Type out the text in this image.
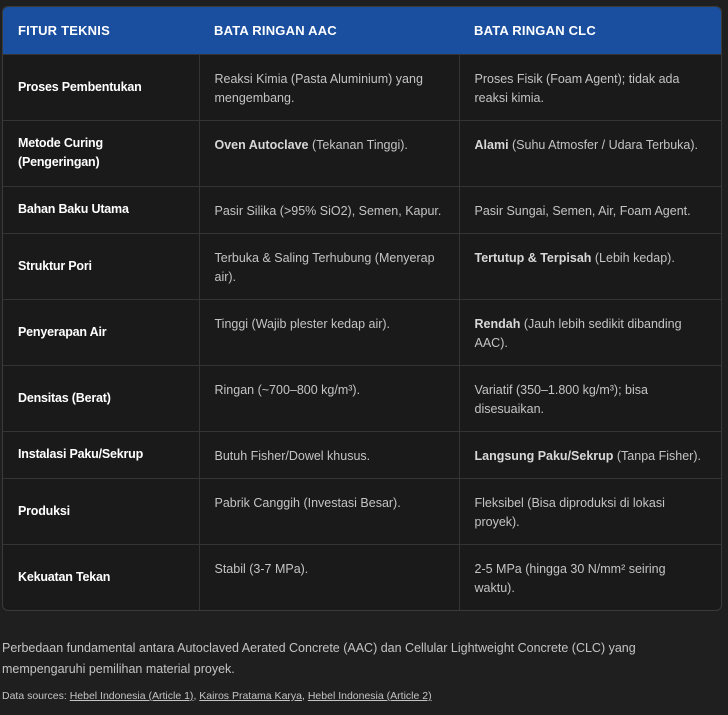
FITUR TEKNIS	BATA RINGAN AAC	BATA RINGAN CLC
Proses Pembentukan	Reaksi Kimia (Pasta Aluminium) yang mengembang.	Proses Fisik (Foam Agent); tidak ada reaksi kimia.
Metode Curing (Pengeringan)	Oven Autoclave (Tekanan Tinggi).	Alami (Suhu Atmosfer / Udara Terbuka).
Bahan Baku Utama	Pasir Silika (>95% SiO2), Semen, Kapur.	Pasir Sungai, Semen, Air, Foam Agent.
Struktur Pori	Terbuka & Saling Terhubung (Menyerap air).	Tertutup & Terpisah (Lebih kedap).
Penyerapan Air	Tinggi (Wajib plester kedap air).	Rendah (Jauh lebih sedikit dibanding AAC).
Densitas (Berat)	Ringan (~700–800 kg/m³).	Variatif (350–1.800 kg/m³); bisa disesuaikan.
Instalasi Paku/Sekrup	Butuh Fisher/Dowel khusus.	Langsung Paku/Sekrup (Tanpa Fisher).
Produksi	Pabrik Canggih (Investasi Besar).	Fleksibel (Bisa diproduksi di lokasi proyek).
Kekuatan Tekan	Stabil (3-7 MPa).	2-5 MPa (hingga 30 N/mm² seiring waktu).
Perbedaan fundamental antara Autoclaved Aerated Concrete (AAC) dan Cellular Lightweight Concrete (CLC) yang mempengaruhi pemilihan material proyek.
Data sources: Hebel Indonesia (Article 1), Kairos Pratama Karya, Hebel Indonesia (Article 2)
